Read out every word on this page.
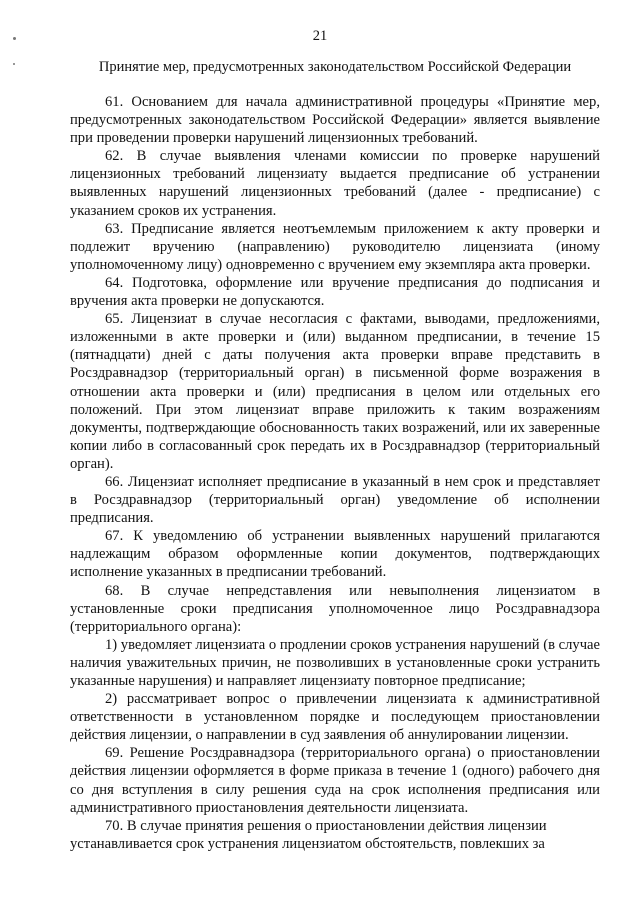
21
Принятие мер, предусмотренных законодательством Российской Федерации

61. Основанием для начала административной процедуры «Принятие мер, предусмотренных законодательством Российской Федерации» является выявление при проведении проверки нарушений лицензионных требований.

62. В случае выявления членами комиссии по проверке нарушений лицензионных требований лицензиату выдается предписание об устранении выявленных нарушений лицензионных требований (далее - предписание) с указанием сроков их устранения.

63. Предписание является неотъемлемым приложением к акту проверки и подлежит вручению (направлению) руководителю лицензиата (иному уполномоченному лицу) одновременно с вручением ему экземпляра акта проверки.

64. Подготовка, оформление или вручение предписания до подписания и вручения акта проверки не допускаются.

65. Лицензиат в случае несогласия с фактами, выводами, предложениями, изложенными в акте проверки и (или) выданном предписании, в течение 15 (пятнадцати) дней с даты получения акта проверки вправе представить в Росздравнадзор (территориальный орган) в письменной форме возражения в отношении акта проверки и (или) предписания в целом или отдельных его положений. При этом лицензиат вправе приложить к таким возражениям документы, подтверждающие обоснованность таких возражений, или их заверенные копии либо в согласованный срок передать их в Росздравнадзор (территориальный орган).

66. Лицензиат исполняет предписание в указанный в нем срок и представляет в Росздравнадзор (территориальный орган) уведомление об исполнении предписания.

67. К уведомлению об устранении выявленных нарушений прилагаются надлежащим образом оформленные копии документов, подтверждающих исполнение указанных в предписании требований.

68. В случае непредставления или невыполнения лицензиатом в установленные сроки предписания уполномоченное лицо Росздравнадзора (территориального органа):

1) уведомляет лицензиата о продлении сроков устранения нарушений (в случае наличия уважительных причин, не позволивших в установленные сроки устранить указанные нарушения) и направляет лицензиату повторное предписание;

2) рассматривает вопрос о привлечении лицензиата к административной ответственности в установленном порядке и последующем приостановлении действия лицензии, о направлении в суд заявления об аннулировании лицензии.

69. Решение Росздравнадзора (территориального органа) о приостановлении действия лицензии оформляется в форме приказа в течение 1 (одного) рабочего дня со дня вступления в силу решения суда на срок исполнения предписания или административного приостановления деятельности лицензиата.

70. В случае принятия решения о приостановлении действия лицензии

устанавливается срок устранения лицензиатом обстоятельств, повлекших за
